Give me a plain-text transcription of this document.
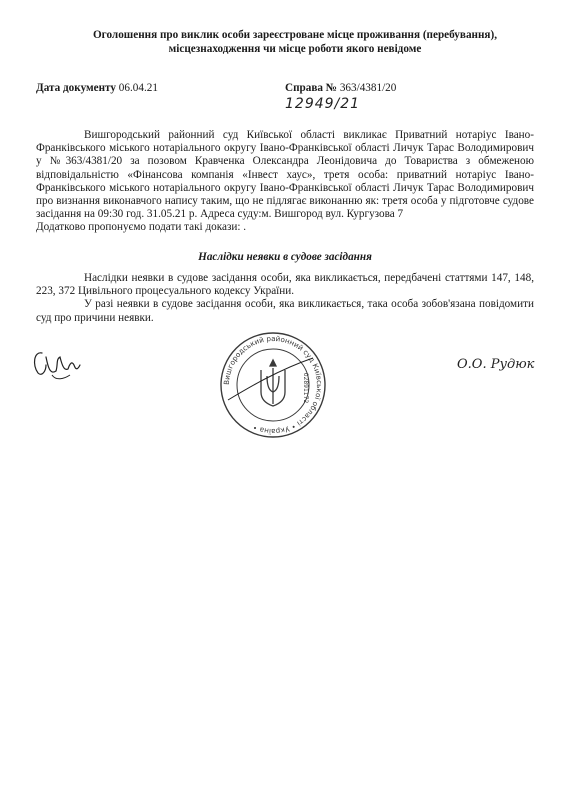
Оголошення про виклик особи зареєстроване місце проживання (перебування), місцезнаходження чи місце роботи якого невідоме
Дата документу 06.04.21	Справа № 363/4381/20
12949/21

Вишгородський районний суд Київської області викликає Приватний нотаріус Івано-Франківського міського нотаріального округу Івано-Франківської області Личук Тарас Володимирович у №363/4381/20 за позовом Кравченка Олександра Леонідовича до Товариства з обмеженою відповідальністю «Фінансова компанія «Інвест хаус», третя особа: приватний нотаріус Івано-Франківського міського нотаріального округу Івано-Франківської області Личук Тарас Володимирович про визнання виконавчого напису таким, що не підлягає виконанню як: третя особа у підготовче судове засідання на 09:30 год. 31.05.21 р. Адреса суду:м. Вишгород вул. Кургузова 7

Додатково пропонуємо подати такі докази: .

Наслідки неявки в судове засідання

Наслідки неявки в судове засідання особи, яка викликається, передбачені статтями 147, 148, 223, 372 Цивільного процесуального кодексу України.

У разі неявки в судове засідання особи, яка викликається, така особа зобов'язана повідомити суд про причини неявки.

Вишгородський районний суд Київської області • Україна •
02891172
О.О. Рудюк
